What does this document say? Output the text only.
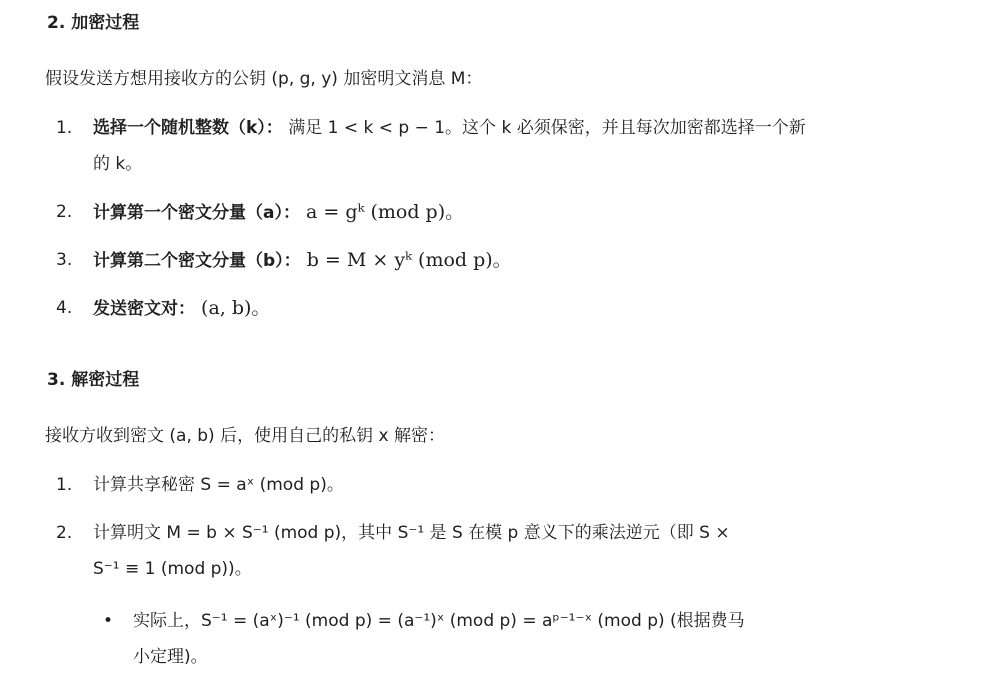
2. 加密过程
假设发送方想用接收方的公钥 (p, g, y) 加密明文消息 M：
1.	选择一个随机整数（k）： 满足 1 < k < p − 1。这个 k 必须保密，并且每次加密都选择一个新
的 k。
2.	计算第一个密文分量（a）： a = gᵏ (mod p)。
3.	计算第二个密文分量（b）： b = M × yᵏ (mod p)。
4.	发送密文对： (a, b)。
3. 解密过程
接收方收到密文 (a, b) 后，使用自己的私钥 x 解密：
1.	计算共享秘密 S = aˣ (mod p)。
2.	计算明文 M = b × S⁻¹ (mod p)，其中 S⁻¹ 是 S 在模 p 意义下的乘法逆元（即 S ×
S⁻¹ ≡ 1 (mod p))。
• 实际上，S⁻¹ = (aˣ)⁻¹ (mod p) = (a⁻¹)ˣ (mod p) = aᵖ⁻¹⁻ˣ (mod p) (根据费马
小定理)。
